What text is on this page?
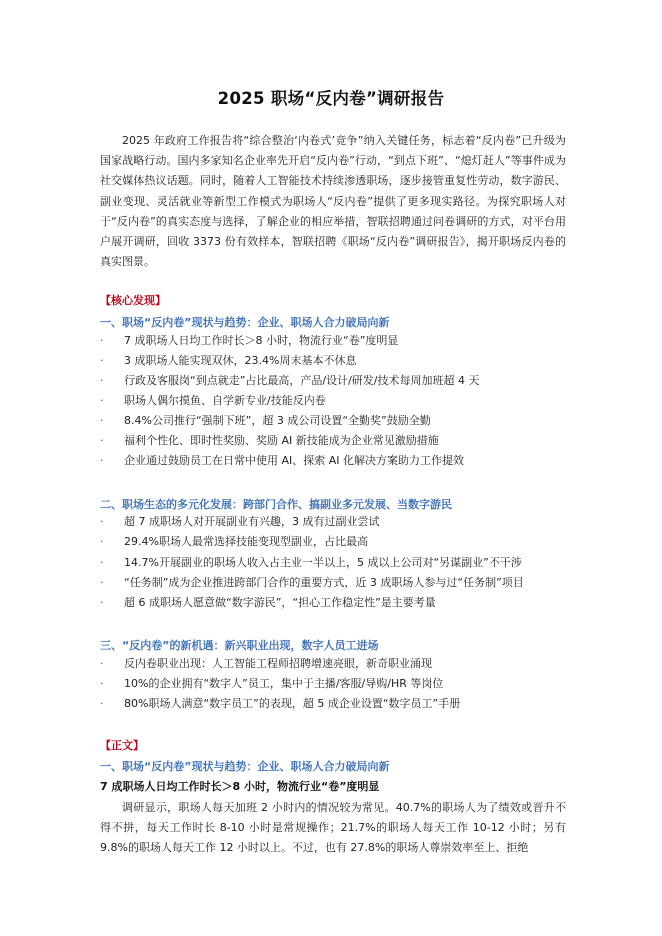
2025 职场“反内卷”调研报告

2025 年政府工作报告将“综合整治‘内卷式’竞争”纳入关键任务，标志着“反内卷”已升级为国家战略行动。国内多家知名企业率先开启“反内卷”行动，“到点下班”、“熄灯赶人”等事件成为社交媒体热议话题。同时，随着人工智能技术持续渗透职场，逐步接管重复性劳动，数字游民、副业变现、灵活就业等新型工作模式为职场人“反内卷”提供了更多现实路径。为探究职场人对于“反内卷”的真实态度与选择，了解企业的相应举措，智联招聘通过问卷调研的方式，对平台用户展开调研，回收 3373 份有效样本，智联招聘《职场“反内卷”调研报告》，揭开职场反内卷的真实图景。

【核心发现】
一、职场“反内卷”现状与趋势：企业、职场人合力破局向新
·	7 成职场人日均工作时长＞8 小时，物流行业“卷”度明显
·	3 成职场人能实现双休，23.4%周末基本不休息
·	行政及客服岗“到点就走”占比最高，产品/设计/研发/技术每周加班超 4 天
·	职场人偶尔摸鱼、自学新专业/技能反内卷
·	8.4%公司推行“强制下班”，超 3 成公司设置“全勤奖”鼓励全勤
·	福利个性化、即时性奖励、奖励 AI 新技能成为企业常见激励措施
·	企业通过鼓励员工在日常中使用 AI、探索 AI 化解决方案助力工作提效
二、职场生态的多元化发展：跨部门合作、搞副业多元发展、当数字游民
·	超 7 成职场人对开展副业有兴趣，3 成有过副业尝试
·	29.4%职场人最常选择技能变现型副业，占比最高
·	14.7%开展副业的职场人收入占主业一半以上，5 成以上公司对“另谋副业”不干涉
·	“任务制”成为企业推进跨部门合作的重要方式，近 3 成职场人参与过“任务制”项目
·	超 6 成职场人愿意做“数字游民”，“担心工作稳定性”是主要考量
三、“反内卷”的新机遇：新兴职业出现，数字人员工进场
·	反内卷职业出现：人工智能工程师招聘增速亮眼，新奇职业涌现
·	10%的企业拥有“数字人”员工，集中于主播/客服/导购/HR 等岗位
·	80%职场人满意“数字员工”的表现，超 5 成企业设置“数字员工”手册
【正文】
一、职场“反内卷”现状与趋势：企业、职场人合力破局向新
7 成职场人日均工作时长＞8 小时，物流行业“卷”度明显

调研显示，职场人每天加班 2 小时内的情况较为常见。40.7%的职场人为了绩效或晋升不得不拼，每天工作时长 8-10 小时是常规操作；21.7%的职场人每天工作 10-12 小时；另有 9.8%的职场人每天工作 12 小时以上。不过，也有 27.8%的职场人尊崇效率至上、拒绝
